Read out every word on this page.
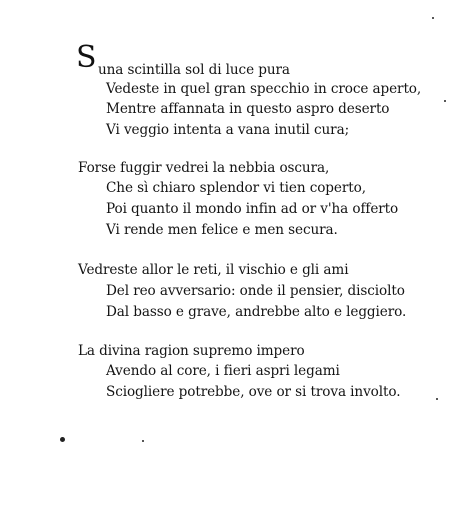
S una scintilla sol di luce pura
Vedeste in quel gran specchio in croce aperto,
Mentre affannata in questo aspro deserto
Vi veggio intenta a vana inutil cura;
Forse fuggir vedrei la nebbia oscura,
Che sì chiaro splendor vi tien coperto,
Poi quanto il mondo infin ad or v'ha offerto
Vi rende men felice e men secura.
Vedreste allor le reti, il vischio e gli ami
Del reo avversario: onde il pensier, disciolto
Dal basso e grave, andrebbe alto e leggiero.
La divina ragion supremo impero
Avendo al core, i fieri aspri legami
Sciogliere potrebbe, ove or si trova involto.
